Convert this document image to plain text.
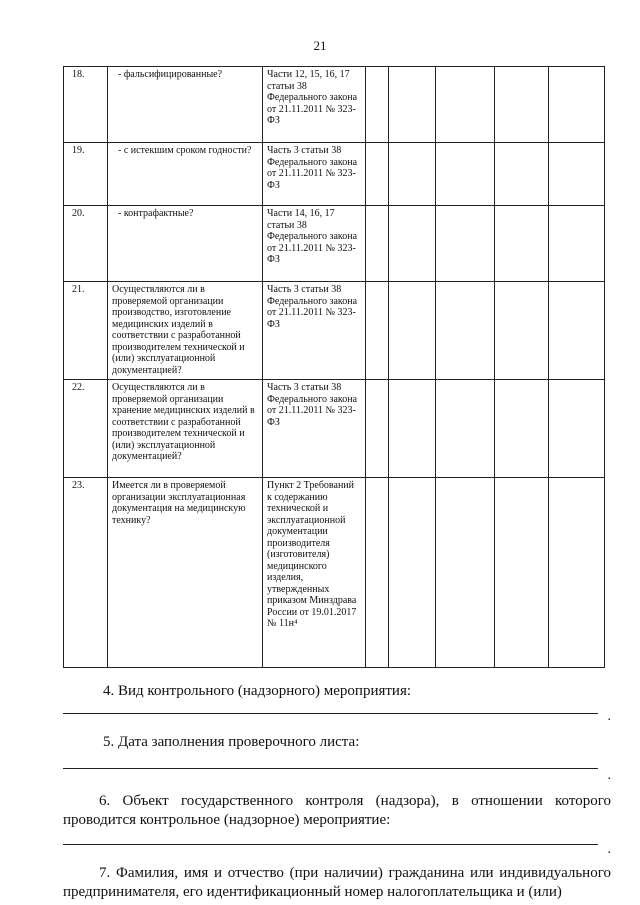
21
18.	- фальсифицированные?	Части 12, 15, 16, 17 статьи 38 Федерального закона от 21.11.2011 № 323-ФЗ					
19.	- с истекшим сроком годности?	Часть 3 статьи 38 Федерального закона от 21.11.2011 № 323-ФЗ					
20.	- контрафактные?	Части 14, 16, 17 статьи 38 Федерального закона от 21.11.2011 № 323-ФЗ					
21.	Осуществляются ли в проверяемой организации производство, изготовление медицинских изделий в соответствии с разработанной производителем технической и (или) эксплуатационной документацией?	Часть 3 статьи 38 Федерального закона от 21.11.2011 № 323-ФЗ					
22.	Осуществляются ли в проверяемой организации хранение медицинских изделий в соответствии с разработанной производителем технической и (или) эксплуатационной документацией?	Часть 3 статьи 38 Федерального закона от 21.11.2011 № 323-ФЗ					
23.	Имеется ли в проверяемой организации эксплуатационная документация на медицинскую технику?	Пункт 2 Требований к содержанию технической и эксплуатационной документации производителя (изготовителя) медицинского изделия, утвержденных приказом Минздрава России от 19.01.2017 № 11н⁴					
4. Вид контрольного (надзорного) мероприятия:
.
5. Дата заполнения проверочного листа:
.
6. Объект государственного контроля (надзора), в отношении которого проводится контрольное (надзорное) мероприятие:
.
7. Фамилия, имя и отчество (при наличии) гражданина или индивидуального предпринимателя, его идентификационный номер налогоплательщика и (или)
